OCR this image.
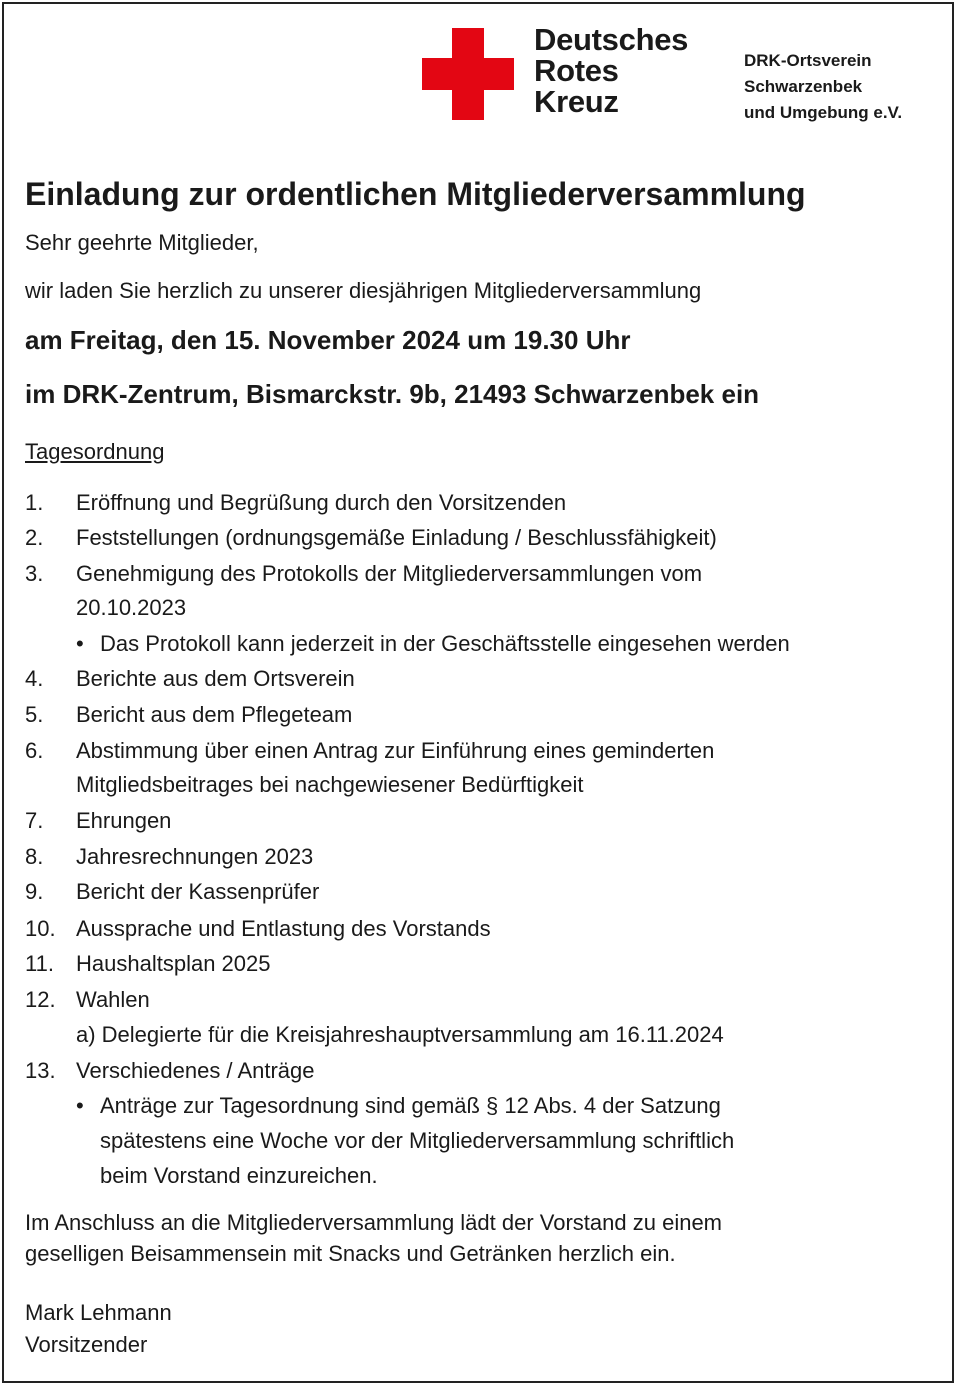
Deutsches
Rotes
Kreuz
DRK-Ortsverein
Schwarzenbek
und Umgebung e.V.
Einladung zur ordentlichen Mitgliederversammlung
Sehr geehrte Mitglieder,
wir laden Sie herzlich zu unserer diesjährigen Mitgliederversammlung
am Freitag, den 15. November 2024 um 19.30 Uhr
im DRK-Zentrum, Bismarckstr. 9b, 21493 Schwarzenbek ein
Tagesordnung
1. Eröffnung und Begrüßung durch den Vorsitzenden
2. Feststellungen (ordnungsgemäße Einladung / Beschlussfähigkeit)
3. Genehmigung des Protokolls der Mitgliederversammlungen vom
20.10.2023
• Das Protokoll kann jederzeit in der Geschäftsstelle eingesehen werden
4. Berichte aus dem Ortsverein
5. Bericht aus dem Pflegeteam
6. Abstimmung über einen Antrag zur Einführung eines geminderten
Mitgliedsbeitrages bei nachgewiesener Bedürftigkeit
7. Ehrungen
8. Jahresrechnungen 2023
9. Bericht der Kassenprüfer
10. Aussprache und Entlastung des Vorstands
11. Haushaltsplan 2025
12. Wahlen
a) Delegierte für die Kreisjahreshauptversammlung am 16.11.2024
13. Verschiedenes / Anträge
• Anträge zur Tagesordnung sind gemäß § 12 Abs. 4 der Satzung
spätestens eine Woche vor der Mitgliederversammlung schriftlich
beim Vorstand einzureichen.
Im Anschluss an die Mitgliederversammlung lädt der Vorstand zu einem
geselligen Beisammensein mit Snacks und Getränken herzlich ein.
Mark Lehmann
Vorsitzender
